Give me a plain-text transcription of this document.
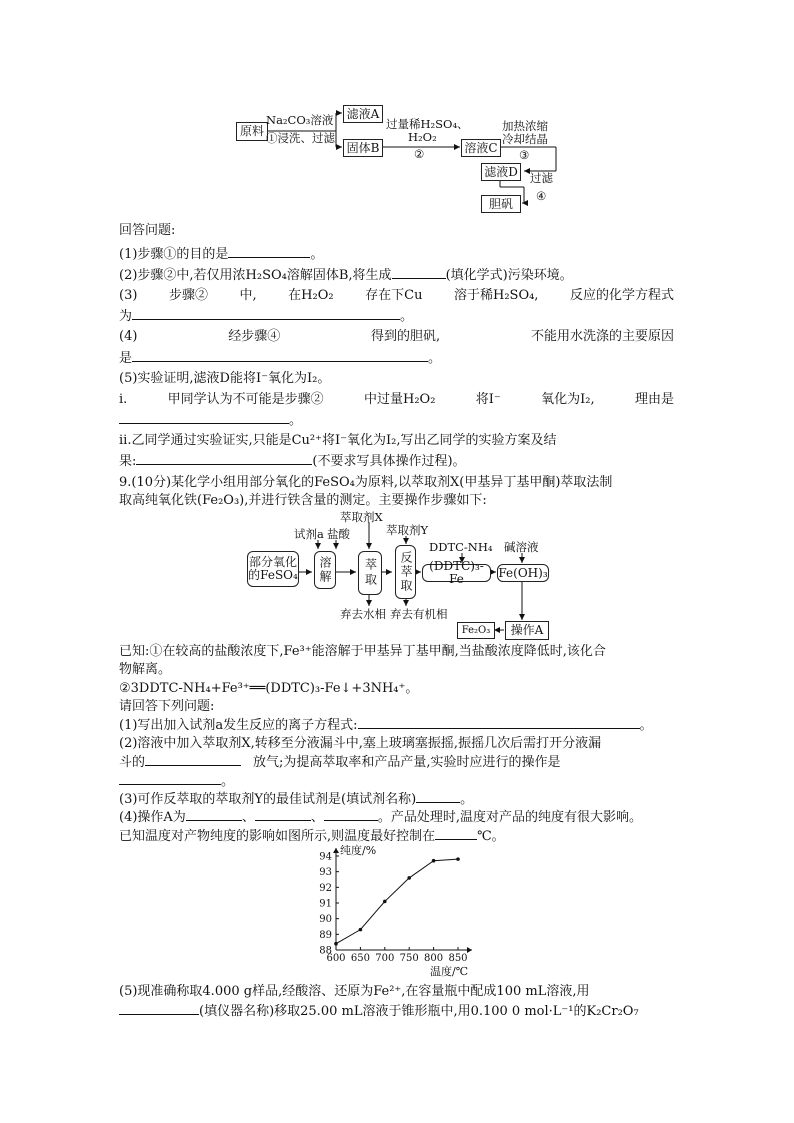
原料
Na₂CO₃溶液
①浸洗、过滤
滤液A
固体B
过量稀H₂SO₄、
H₂O₂
②	溶液C
加热浓缩
冷却结晶
③
滤液D 过滤
④
胆矾
回答问题:
(1)步骤①的目的是	。
(2)步骤②中,若仅用浓H₂SO₄溶解固体B,将生成	(填化学式)污染环境。
(3) 步骤② 中, 在H₂O₂ 存在下Cu 溶于稀H₂SO₄, 反应的化学方程式
为	。
(4)	经步骤④	得到的胆矾,	不能用水洗涤的主要原因
是	。
(5)实验证明,滤液D能将I⁻氧化为I₂。
ⅰ.	甲同学认为不可能是步骤②	中过量H₂O₂	将I⁻	氧化为I₂,	理由是
。
ⅱ.乙同学通过实验证实,只能是Cu²⁺将I⁻氧化为I₂,写出乙同学的实验方案及结
果:	(不要求写具体操作过程)。
9.(10分)某化学小组用部分氧化的FeSO₄为原料,以萃取剂X(甲基异丁基甲酮)萃取法制
取高纯氧化铁(Fe₂O₃),并进行铁含量的测定。主要操作步骤如下:
部分氧化
的FeSO₄
试剂a 盐酸
溶解
萃取剂X
萃取
萃取剂Y
反萃取
DDTC-NH₄
(DDTC)₃-Fe
碱溶液
Fe(OH)₃
弃去水相 弃去有机相
Fe₂O₃ 操作A
已知:①在较高的盐酸浓度下,Fe³⁺能溶解于甲基异丁基甲酮,当盐酸浓度降低时,该化合
物解离。
②3DDTC-NH₄+Fe³⁺══(DDTC)₃-Fe↓+3NH₄⁺。
请回答下列问题:
(1)写出加入试剂a发生反应的离子方程式:	。
(2)溶液中加入萃取剂X,转移至分液漏斗中,塞上玻璃塞振摇,振摇几次后需打开分液漏
斗的	放气;为提高萃取率和产品产量,实验时应进行的操作是
。
(3)可作反萃取的萃取剂Y的最佳试剂是(填试剂名称)	。
(4)操作A为	、	、	。产品处理时,温度对产品的纯度有很大影响。
已知温度对产物纯度的影响如图所示,则温度最好控制在	℃。
88
89
90
91
92
93
94
600 650 700 750 800 850
纯度/%
温度/℃
(5)现准确称取4.000 g样品,经酸溶、还原为Fe²⁺,在容量瓶中配成100 mL溶液,用
(填仪器名称)移取25.00 mL溶液于锥形瓶中,用0.100 0 mol·L⁻¹的K₂Cr₂O₇
